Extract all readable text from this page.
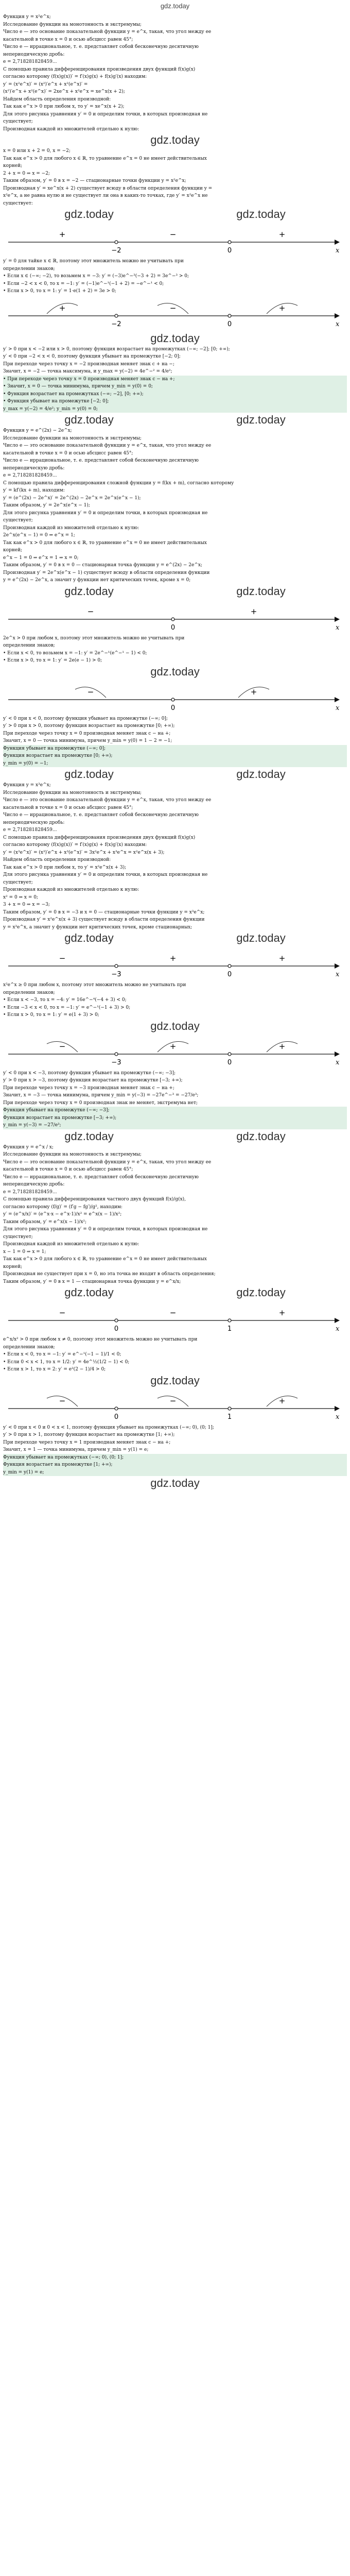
gdz.today
Функция y = x²e^x;
Исследование функции на монотонность и экстремумы;
Число e — это основание показательной функции y = e^x, такая, что угол между ее
касательной в точке x = 0 и осью абсцисс равен 45°;
Число e — иррациональное, т. е. представляет собой бесконечную десятичную
непериодическую дробь:
e = 2,718281828459...
С помощью правила дифференцирования произведения двух функций f(x)g(x)
согласно которому (f(x)g(x))′ = f′(x)g(x) + f(x)g′(x) находим:
y′ = (x²e^x)′ = (x²)′e^x + x²(e^x)′ =
(x²)′e^x + x²(e^x)′ = 2xe^x + x²e^x = xe^x(x + 2);
Найдем область определения производной:
Так как e^x > 0 при любом x, то y′ = xe^x(x + 2);
Для этого рисунка уравнения y′ = 0 и определим точки, в которых производная не
существует;
Производная каждой из множителей отдельно к нулю:
gdz.today
x = 0 или x + 2 = 0, x = −2;
Так как e^x > 0 для любого x ∈ ℝ, то уравнение e^x = 0 не имеет действительных
корней;
2 + x = 0 ⇒ x = −2;
Таким образом, y′ = 0 в x = −2 — стационарные точки функции y = x²e^x;
Производная y′ = xe^x(x + 2) существует всюду в области определения функции y =
x²e^x, а не равна нулю и не существует ли она в каких-то точках, где y′ = x²e^x не
существует:
gdz.today	gdz.today
−2	0	x
+	−	+
y′ = 0 для тайке x ∈ ℝ, поэтому этот множитель можно не учитывать при
определении знаков;
• Если x ∈ (−∞; −2), то возьмем x = −3: y′ = (−3)e^−³(−3 + 2) = 3e^−³ > 0;
• Если −2 < x < 0, то x = −1: y′ = (−1)e^−¹(−1 + 2) = −e^−¹ < 0;
• Если x > 0, то x = 1: y′ = 1·e(1 + 2) = 3e > 0;
−2	0	x
+	−	+
gdz.today
y′ > 0 при x < −2 или x > 0, поэтому функция возрастает на промежутках (−∞; −2]; [0; +∞);
y′ < 0 при −2 < x < 0, поэтому функция убывает на промежутке [−2; 0];
При переходе через точку x = −2 производная меняет знак с + на −;
Значит, x = −2 — точка максимума, и y_max = y(−2) = 4e^−² = 4/e²;
• При переходе через точку x = 0 производная меняет знак с − на +;
• Значит, x = 0 — точка минимума, причем y_min = y(0) = 0;
• Функция возрастает на промежутках (−∞; −2], [0; +∞);
• Функция убывает на промежутке [−2; 0];
y_max = y(−2) = 4/e²; y_min = y(0) = 0;
gdz.today	gdz.today
Функция y = e^(2x) − 2e^x;
Исследование функции на монотонность и экстремумы;
Число e — это основание показательной функции y = e^x, такая, что угол между ее
касательной в точке x = 0 и осью абсцисс равен 45°;
Число e — иррациональное, т. е. представляет собой бесконечную десятичную
непериодическую дробь:
e = 2,718281828459...
С помощью правила дифференцирования сложной функции y = f(kx + m), согласно которому
y′ = kf′(kx + m), находим:
y′ = (e^(2x) − 2e^x)′ = 2e^(2x) − 2e^x = 2e^x(e^x − 1);
Таким образом, y′ = 2e^x(e^x − 1);
Для этого рисунка уравнения y′ = 0 и определим точки, в которых производная не
существует;
Производная каждой из множителей отдельно к нулю:
2e^x(e^x − 1) = 0 ⇒ e^x = 1;
Так как e^x > 0 для любого x ∈ ℝ, то уравнение e^x = 0 не имеет действительных
корней;
e^x − 1 = 0 ⇒ e^x = 1 ⇒ x = 0;
Таким образом, y′ = 0 в x = 0 — стационарная точка функции y = e^(2x) − 2e^x;
Производная y′ = 2e^x(e^x − 1) существует всюду в области определения функции
y = e^(2x) − 2e^x, а значит у функции нет критических точек, кроме x = 0;
gdz.today	gdz.today
0	x
−	+
2e^x > 0 при любом x, поэтому этот множитель можно не учитывать при
определении знаков;
• Если x < 0, то возьмем x = −1: y′ = 2e^−¹(e^−¹ − 1) < 0;
• Если x > 0, то x = 1: y′ = 2e(e − 1) > 0;
gdz.today
0	x
−	+
y′ < 0 при x < 0, поэтому функция убывает на промежутке (−∞; 0];
y′ > 0 при x > 0, поэтому функция возрастает на промежутке [0; +∞);
При переходе через точку x = 0 производная меняет знак с − на +;
Значит, x = 0 — точка минимума, причем y_min = y(0) = 1 − 2 = −1;
Функция убывает на промежутке (−∞; 0];
Функция возрастает на промежутке [0; +∞);
y_min = y(0) = −1;
gdz.today	gdz.today
Функция y = x³e^x;
Исследование функции на монотонность и экстремумы;
Число e — это основание показательной функции y = e^x, такая, что угол между ее
касательной в точке x = 0 и осью абсцисс равен 45°;
Число e — иррациональное, т. е. представляет собой бесконечную десятичную
непериодическую дробь:
e = 2,718281828459...
С помощью правила дифференцирования произведения двух функций f(x)g(x)
согласно которому (f(x)g(x))′ = f′(x)g(x) + f(x)g′(x) находим:
y′ = (x³e^x)′ = (x³)′e^x + x³(e^x)′ = 3x²e^x + x³e^x = x²e^x(x + 3);
Найдем область определения производной:
Так как e^x > 0 при любом x, то y′ = x²e^x(x + 3);
Для этого рисунка уравнения y′ = 0 и определим точки, в которых производная не
существует;
Производная каждой из множителей отдельно к нулю:
x² = 0 ⇒ x = 0;
3 + x = 0 ⇒ x = −3;
Таким образом, y′ = 0 в x = −3 и x = 0 — стационарные точки функции y = x³e^x;
Производная y′ = x²e^x(x + 3) существует всюду в области определения функции
y = x³e^x, а значит у функции нет критических точек, кроме стационарных;
gdz.today	gdz.today
−3	0	x
−	+	+
x²e^x ≥ 0 при любом x, поэтому этот множитель можно не учитывать при
определении знаков;
• Если x < −3, то x = −4: y′ = 16e^−⁴(−4 + 3) < 0;
• Если −3 < x < 0, то x = −1: y′ = e^−¹(−1 + 3) > 0;
• Если x > 0, то x = 1: y′ = e(1 + 3) > 0;
gdz.today
−3	0	x
−	+	+
y′ < 0 при x < −3, поэтому функция убывает на промежутке (−∞; −3];
y′ > 0 при x > −3, поэтому функция возрастает на промежутке [−3; +∞);
При переходе через точку x = −3 производная меняет знак с − на +;
Значит, x = −3 — точка минимума, причем y_min = y(−3) = −27e^−³ = −27/e³;
При переходе через точку x = 0 производная знак не меняет, экстремума нет;
Функция убывает на промежутке (−∞; −3];
Функция возрастает на промежутке [−3; +∞);
y_min = y(−3) = −27/e³;
gdz.today	gdz.today
Функция y = e^x / x;
Исследование функции на монотонность и экстремумы;
Число e — это основание показательной функции y = e^x, такая, что угол между ее
касательной в точке x = 0 и осью абсцисс равен 45°;
Число e — иррациональное, т. е. представляет собой бесконечную десятичную
непериодическую дробь:
e = 2,718281828459...
С помощью правила дифференцирования частного двух функций f(x)/g(x),
согласно которому (f/g)′ = (f′g − fg′)/g², находим:
y′ = (e^x/x)′ = (e^x·x − e^x·1)/x² = e^x(x − 1)/x²;
Таким образом, y′ = e^x(x − 1)/x²;
Для этого рисунка уравнения y′ = 0 и определим точки, в которых производная не
существует;
Производная каждой из множителей отдельно к нулю:
x − 1 = 0 ⇒ x = 1;
Так как e^x > 0 для любого x ∈ ℝ, то уравнение e^x = 0 не имеет действительных
корней;
Производная не существует при x = 0, но эта точка не входит в область определения;
Таким образом, y′ = 0 в x = 1 — стационарная точка функции y = e^x/x;
gdz.today	gdz.today
0	1	x
−	−	+
e^x/x² > 0 при любом x ≠ 0, поэтому этот множитель можно не учитывать при
определении знаков;
• Если x < 0, то x = −1: y′ = e^−¹(−1 − 1)/1 < 0;
• Если 0 < x < 1, то x = 1/2: y′ = 4e^½(1/2 − 1) < 0;
• Если x > 1, то x = 2: y′ = e²(2 − 1)/4 > 0;
gdz.today
0	1	x
−	−	+
y′ < 0 при x < 0 и 0 < x < 1, поэтому функция убывает на промежутках (−∞; 0), (0; 1];
y′ > 0 при x > 1, поэтому функция возрастает на промежутке [1; +∞);
При переходе через точку x = 1 производная меняет знак с − на +;
Значит, x = 1 — точка минимума, причем y_min = y(1) = e;
Функция убывает на промежутках (−∞; 0), (0; 1];
Функция возрастает на промежутке [1; +∞);
y_min = y(1) = e;
gdz.today
